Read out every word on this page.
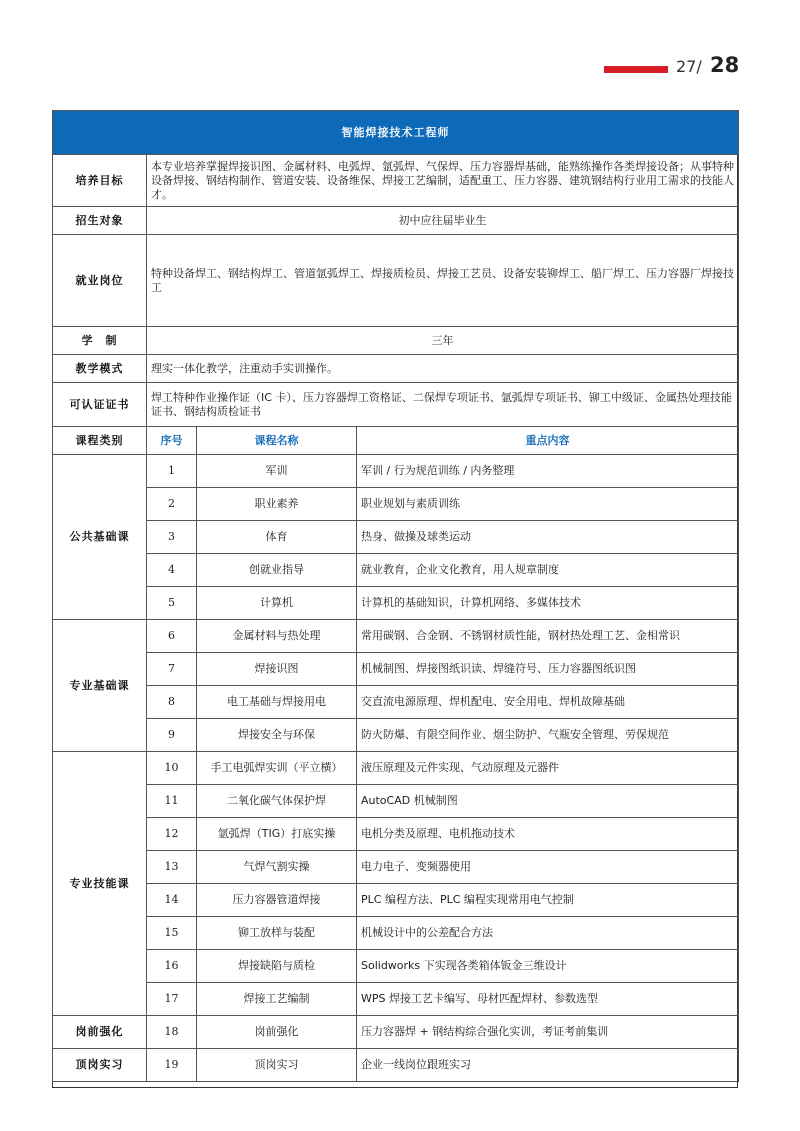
27/ 28
智能焊接技术工程师			
培养目标	本专业培养掌握焊接识图、金属材料、电弧焊、氩弧焊、气保焊、压力容器焊基础，能熟练操作各类焊接设备；从事特种设备焊接、钢结构制作、管道安装、设备维保、焊接工艺编制，适配重工、压力容器、建筑钢结构行业用工需求的技能人才。		
招生对象	初中应往届毕业生		
就业岗位	特种设备焊工、钢结构焊工、管道氩弧焊工、焊接质检员、焊接工艺员、设备安装铆焊工、船厂焊工、压力容器厂焊接技工		
学　制	三年		
教学模式	理实一体化教学，注重动手实训操作。		
可认证证书	焊工特种作业操作证（IC 卡）、压力容器焊工资格证、二保焊专项证书、氩弧焊专项证书、铆工中级证、金属热处理技能证书、钢结构质检证书		
课程类别	序号	课程名称	重点内容
公共基础课	1	军训	军训 / 行为规范训练 / 内务整理
	2	职业素养	职业规划与素质训练
	3	体育	热身、做操及球类运动
	4	创就业指导	就业教育，企业文化教育，用人规章制度
	5	计算机	计算机的基础知识，计算机网络、多媒体技术
专业基础课	6	金属材料与热处理	常用碳钢、合金钢、不锈钢材质性能，钢材热处理工艺、金相常识
	7	焊接识图	机械制图、焊接图纸识读、焊缝符号、压力容器图纸识图
	8	电工基础与焊接用电	交直流电源原理、焊机配电、安全用电、焊机故障基础
	9	焊接安全与环保	防火防爆、有限空间作业、烟尘防护、气瓶安全管理、劳保规范
专业技能课	10	手工电弧焊实训（平立横）	液压原理及元件实现、气动原理及元器件
	11	二氧化碳气体保护焊	AutoCAD 机械制图
	12	氩弧焊（TIG）打底实操	电机分类及原理、电机拖动技术
	13	气焊气割实操	电力电子、变频器使用
	14	压力容器管道焊接	PLC 编程方法、PLC 编程实现常用电气控制
	15	铆工放样与装配	机械设计中的公差配合方法
	16	焊接缺陷与质检	Solidworks 下实现各类箱体钣金三维设计
	17	焊接工艺编制	WPS 焊接工艺卡编写、母材匹配焊材、参数选型
岗前强化	18	岗前强化	压力容器焊 + 钢结构综合强化实训，考证考前集训
顶岗实习	19	顶岗实习	企业一线岗位跟班实习
